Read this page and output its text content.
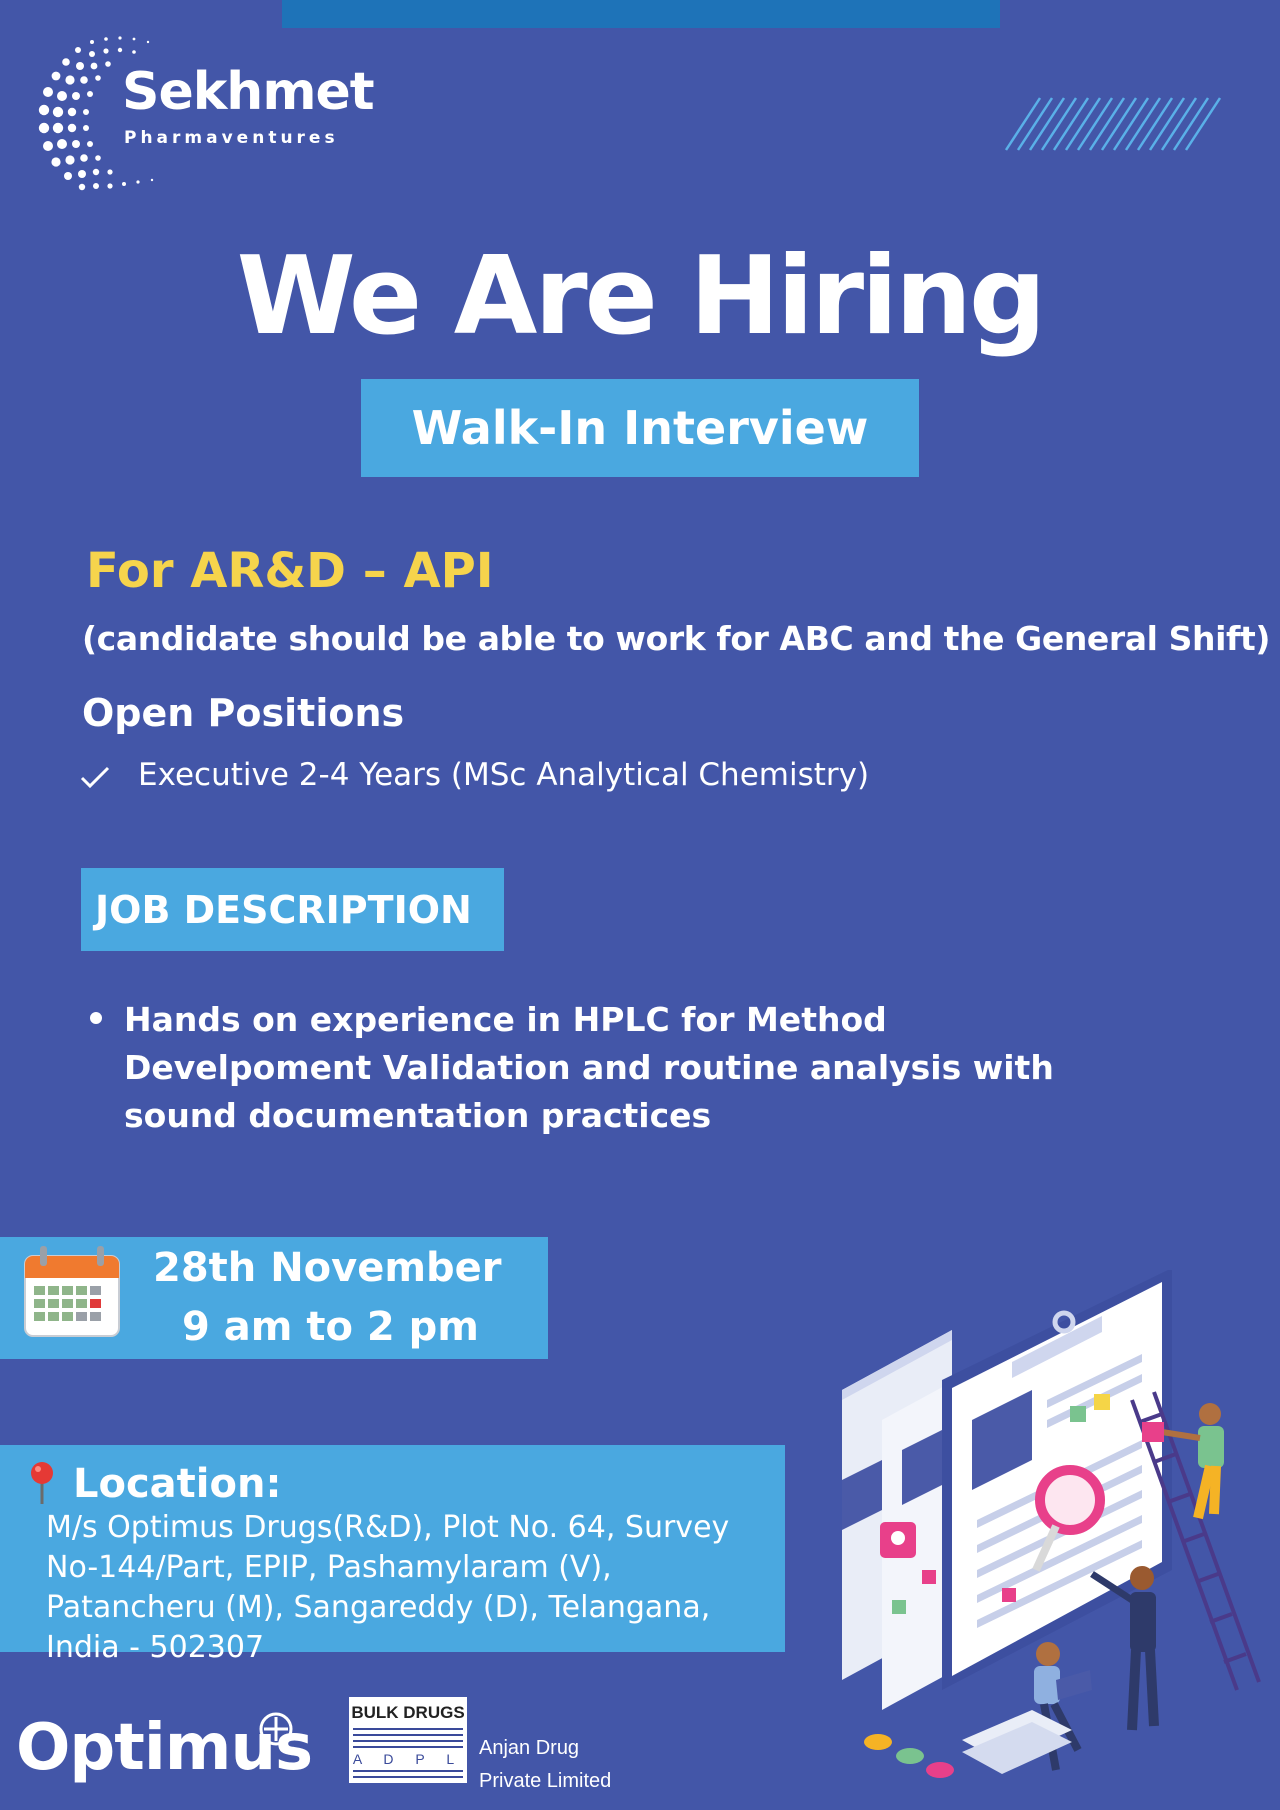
Sekhmet
Pharmaventures
We Are Hiring
Walk-In Interview
For AR&D – API
(candidate should be able to work for ABC and the General Shift)
Open Positions
Executive 2-4 Years (MSc Analytical Chemistry)
JOB DESCRIPTION
Hands on experience in HPLC for Method Develpoment Validation and routine analysis with sound documentation practices
28th November
9 am to 2 pm
Location:
M/s Optimus Drugs(R&D), Plot No. 64, Survey No-144/Part, EPIP, Pashamylaram (V), Patancheru (M), Sangareddy (D), Telangana, India - 502307
Optimus BULK DRUGS
A D P L Anjan Drug
Private Limited
